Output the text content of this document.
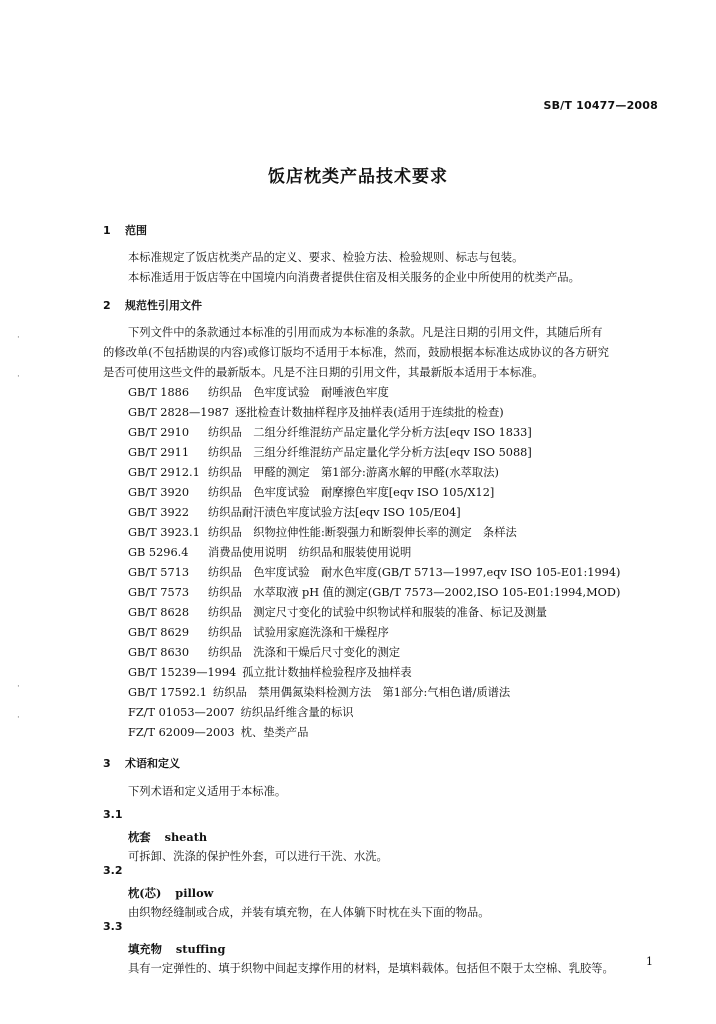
SB/T 10477—2008
饭店枕类产品技术要求
1 范围
本标准规定了饭店枕类产品的定义、要求、检验方法、检验规则、标志与包装。
本标准适用于饭店等在中国境内向消费者提供住宿及相关服务的企业中所使用的枕类产品。
2 规范性引用文件
下列文件中的条款通过本标准的引用而成为本标准的条款。凡是注日期的引用文件，其随后所有
的修改单(不包括勘误的内容)或修订版均不适用于本标准，然而，鼓励根据本标准达成协议的各方研究
是否可使用这些文件的最新版本。凡是不注日期的引用文件，其最新版本适用于本标准。
GB/T 1886 纺织品　色牢度试验　耐唾液色牢度
GB/T 2828—1987 逐批检查计数抽样程序及抽样表(适用于连续批的检查)
GB/T 2910 纺织品　二组分纤维混纺产品定量化学分析方法[eqv ISO 1833]
GB/T 2911 纺织品　三组分纤维混纺产品定量化学分析方法[eqv ISO 5088]
GB/T 2912.1 纺织品　甲醛的测定　第1部分:游离水解的甲醛(水萃取法)
GB/T 3920 纺织品　色牢度试验　耐摩擦色牢度[eqv ISO 105/X12]
GB/T 3922 纺织品耐汗渍色牢度试验方法[eqv ISO 105/E04]
GB/T 3923.1 纺织品　织物拉伸性能:断裂强力和断裂伸长率的测定　条样法
GB 5296.4 消费品使用说明　纺织品和服装使用说明
GB/T 5713 纺织品　色牢度试验　耐水色牢度(GB/T 5713—1997,eqv ISO 105-E01:1994)
GB/T 7573 纺织品　水萃取液 pH 值的测定(GB/T 7573—2002,ISO 105-E01:1994,MOD)
GB/T 8628 纺织品　测定尺寸变化的试验中织物试样和服装的准备、标记及测量
GB/T 8629 纺织品　试验用家庭洗涤和干燥程序
GB/T 8630 纺织品　洗涤和干燥后尺寸变化的测定
GB/T 15239—1994 孤立批计数抽样检验程序及抽样表
GB/T 17592.1 纺织品　禁用偶氮染料检测方法　第1部分:气相色谱/质谱法
FZ/T 01053—2007 纺织品纤维含量的标识
FZ/T 62009—2003 枕、垫类产品
3 术语和定义
下列术语和定义适用于本标准。
3.1
枕套 sheath
可拆卸、洗涤的保护性外套，可以进行干洗、水洗。
3.2
枕(芯) pillow
由织物经缝制或合成，并装有填充物，在人体躺下时枕在头下面的物品。
3.3
填充物 stuffing
具有一定弹性的、填于织物中间起支撑作用的材料，是填料载体。包括但不限于太空棉、乳胶等。
1
·
·
·
·
